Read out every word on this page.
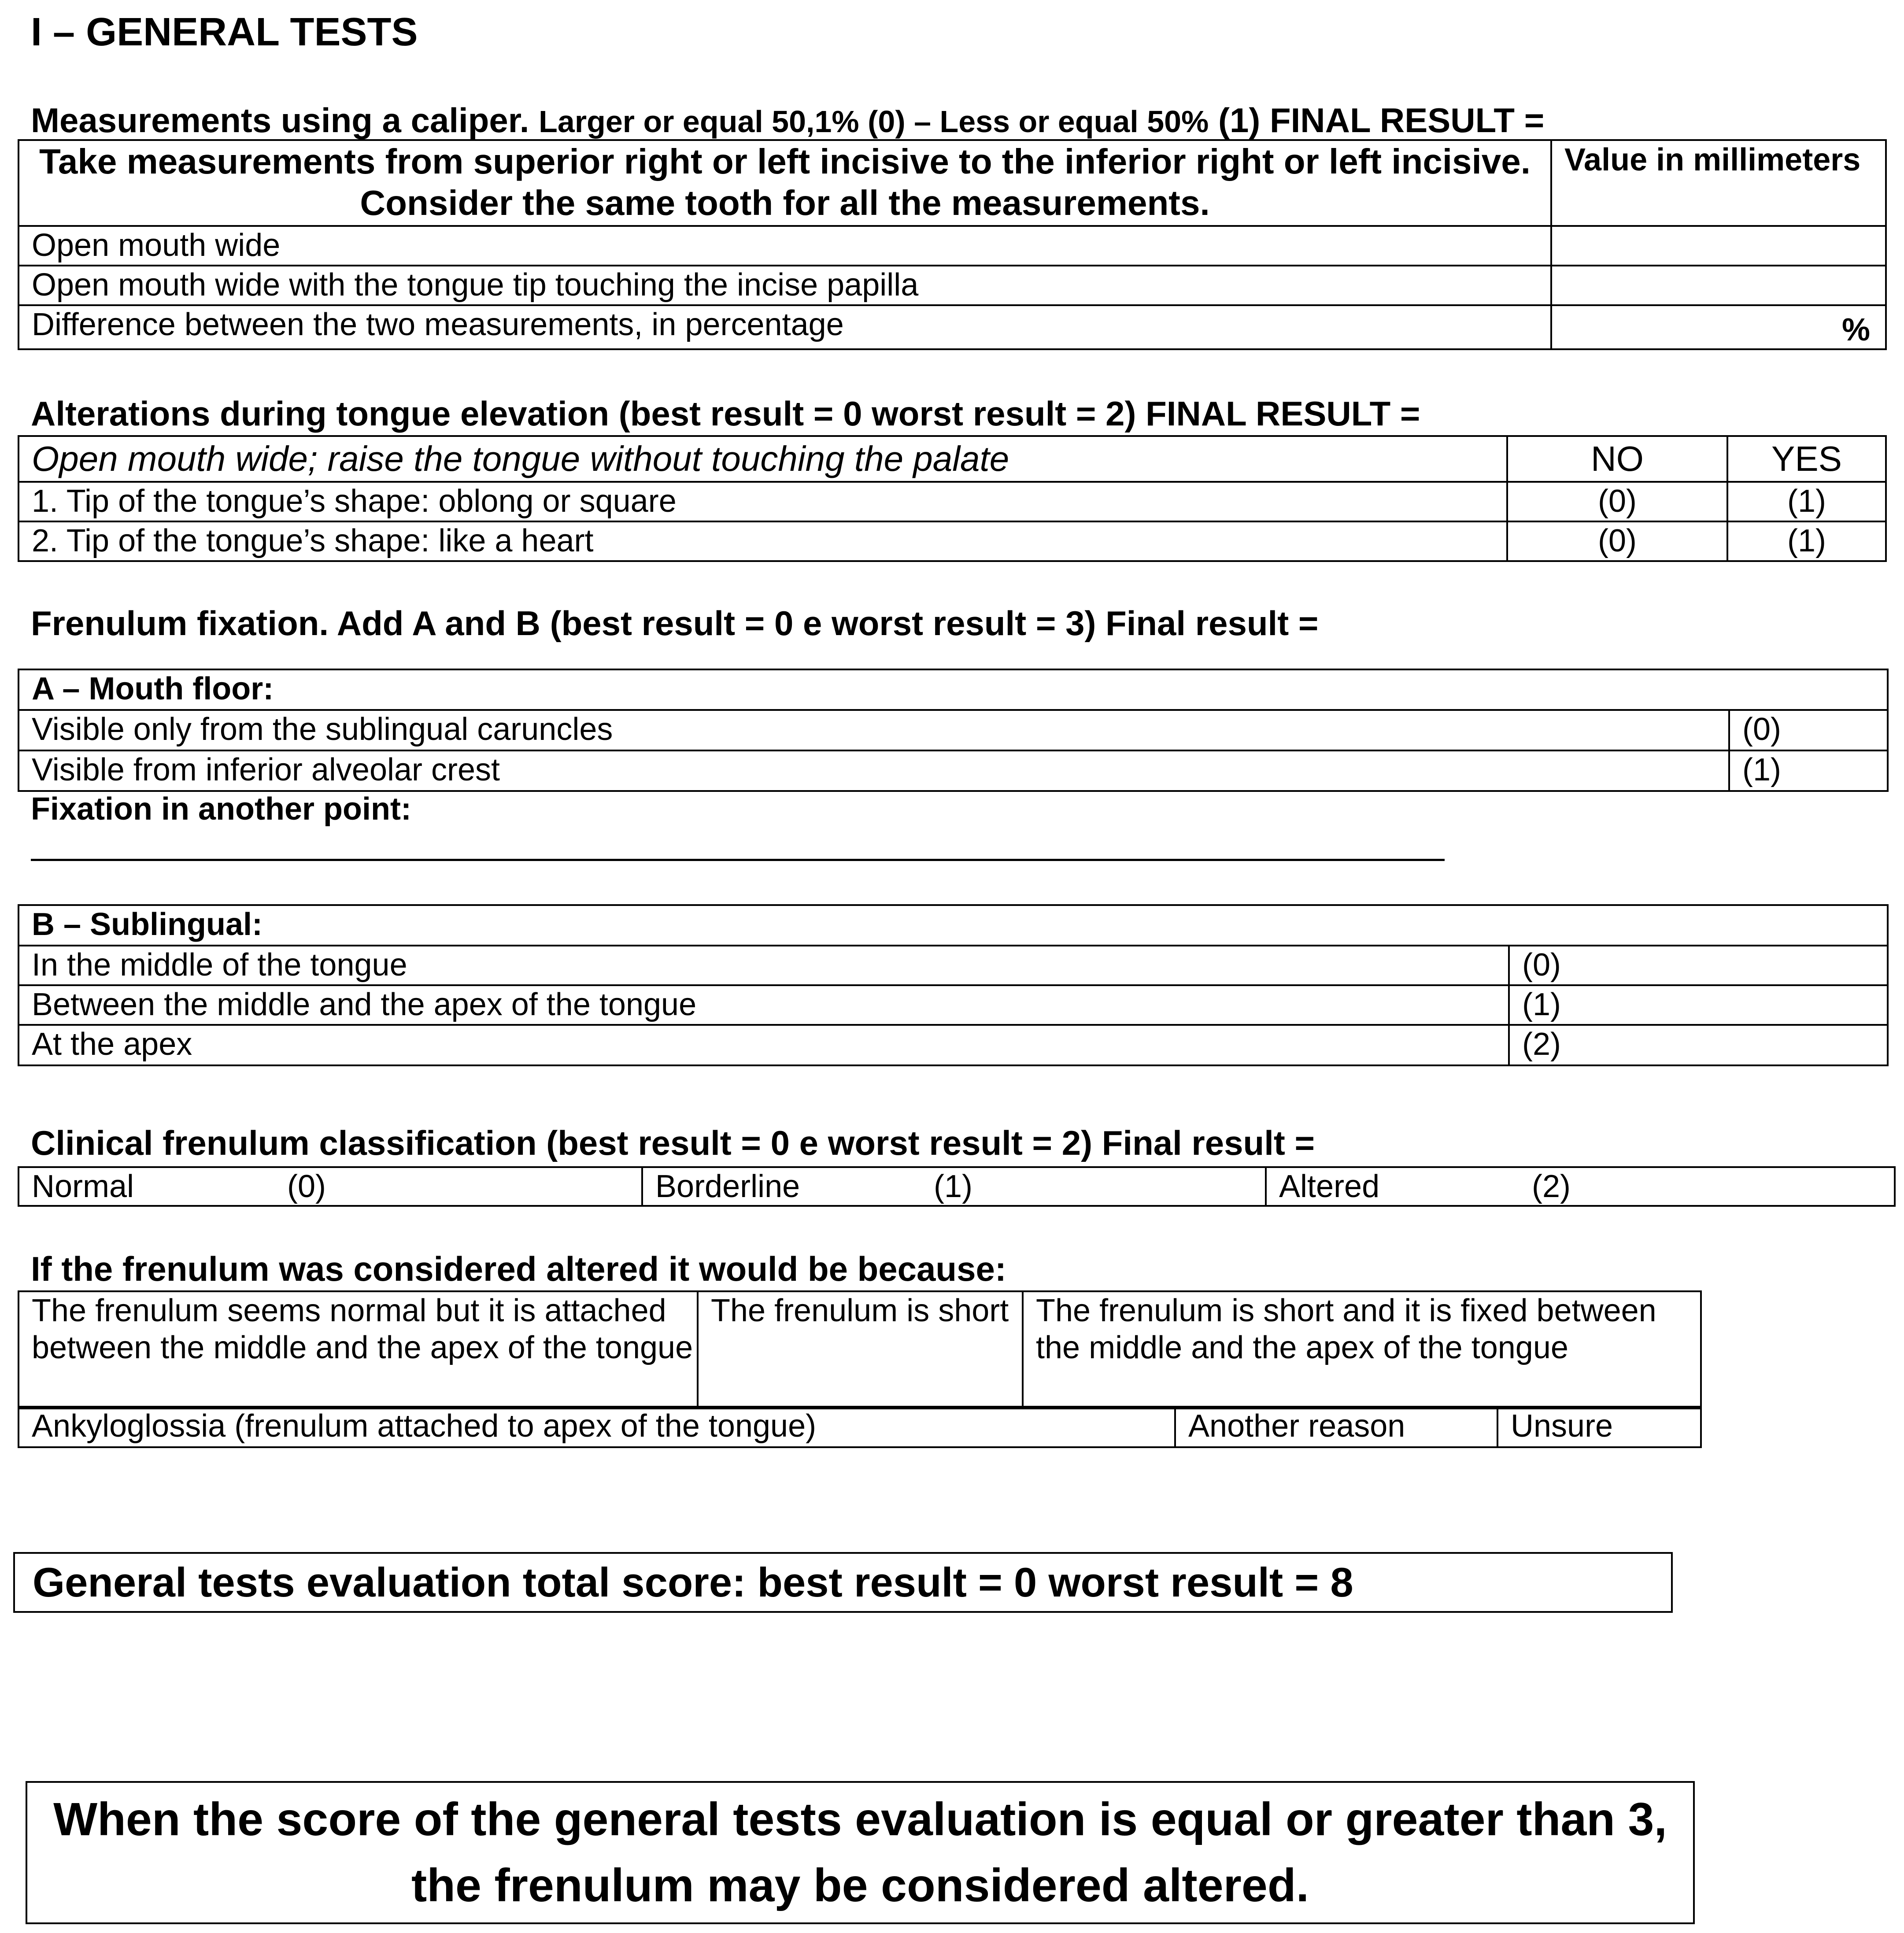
I – GENERAL TESTS
Measurements using a caliper. Larger or equal 50,1% (0) – Less or equal 50% (1) FINAL RESULT =
Take measurements from superior right or left incisive to the inferior right or left incisive. Consider the same tooth for all the measurements.	Value in millimeters
Open mouth wide	
Open mouth wide with the tongue tip touching the incise papilla	
Difference between the two measurements, in percentage	%
Alterations during tongue elevation (best result = 0 worst result = 2) FINAL RESULT =
Open mouth wide; raise the tongue without touching the palate	NO	YES
1. Tip of the tongue’s shape: oblong or square	(0)	(1)
2. Tip of the tongue’s shape: like a heart	(0)	(1)
Frenulum fixation. Add A and B (best result = 0 e worst result = 3) Final result =
A – Mouth floor:	
Visible only from the sublingual caruncles	(0)
Visible from inferior alveolar crest	(1)
Fixation in another point:
B – Sublingual:	
In the middle of the tongue	(0)
Between the middle and the apex of the tongue	(1)
At the apex	(2)
Clinical frenulum classification (best result = 0 e worst result = 2) Final result =
Normal	(0)	Borderline	(1)	Altered	(2)
If the frenulum was considered altered it would be because:
The frenulum seems normal but it is attached between the middle and the apex of the tongue	The frenulum is short	The frenulum is short and it is fixed between the middle and the apex of the tongue
Ankyloglossia (frenulum attached to apex of the tongue)	Another reason	Unsure
General tests evaluation total score: best result = 0 worst result = 8
When the score of the general tests evaluation is equal or greater than 3, the frenulum may be considered altered.
